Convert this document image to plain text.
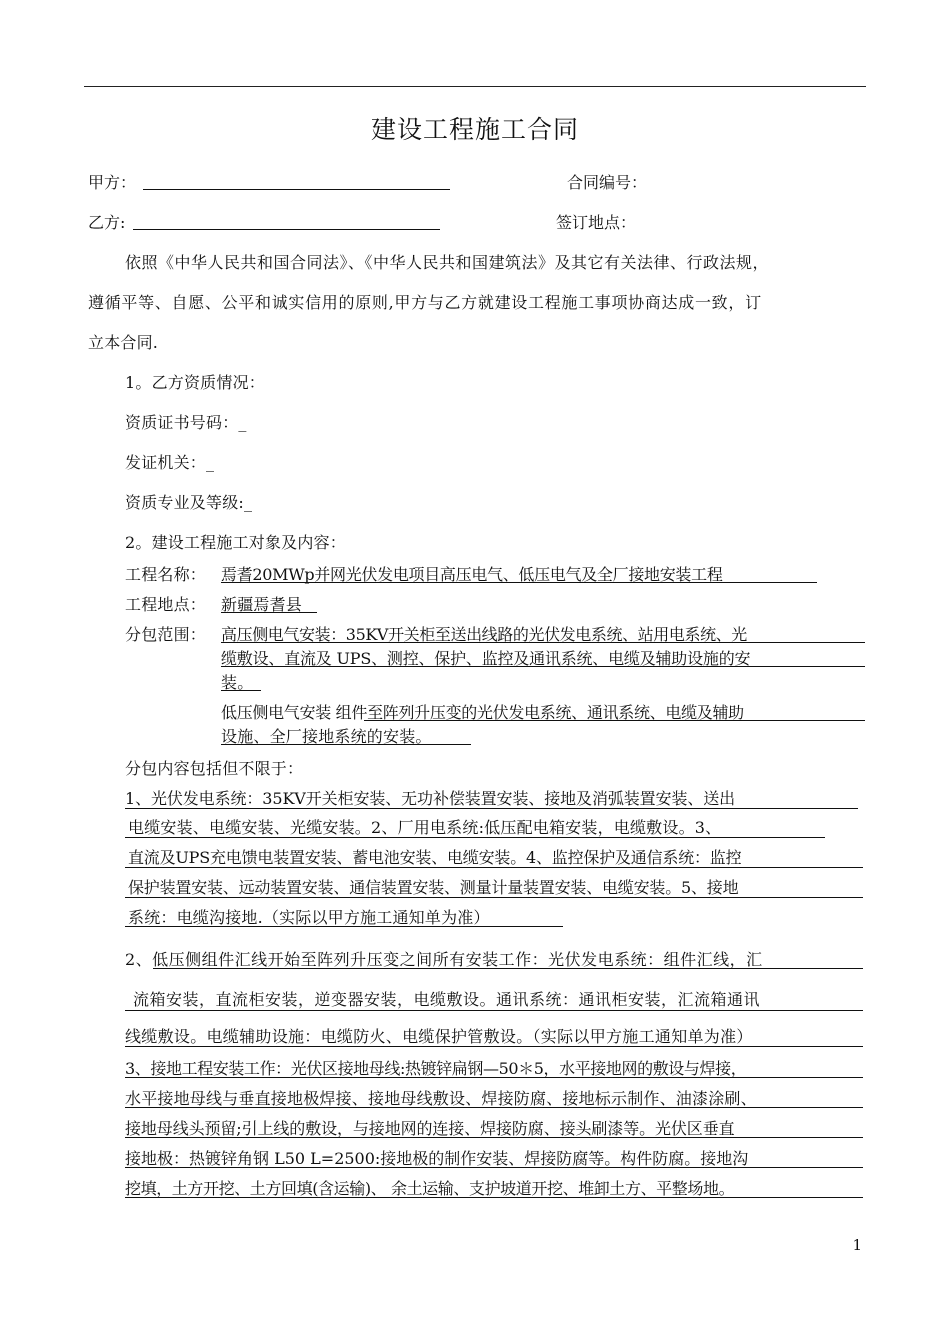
建设工程施工合同
甲方：	合同编号：
乙方:	签订地点：
依照《中华人民共和国合同法》、《中华人民共和国建筑法》及其它有关法律、行政法规，
遵循平等、自愿、公平和诚实信用的原则,甲方与乙方就建设工程施工事项协商达成一致，订
立本合同.
1。乙方资质情况：
资质证书号码：_
发证机关：_
资质专业及等级:_
2。建设工程施工对象及内容：
工程名称： 焉耆20MWp并网光伏发电项目高压电气、低压电气及全厂接地安装工程
工程地点： 新疆焉耆县
分包范围： 高压侧电气安装：35KV开关柜至送出线路的光伏发电系统、站用电系统、光
缆敷设、直流及 UPS、测控、保护、监控及通讯系统、电缆及辅助设施的安
装。
低压侧电气安装 组件至阵列升压变的光伏发电系统、通讯系统、电缆及辅助
设施、全厂接地系统的安装。
分包内容包括但不限于：
1、光伏发电系统：35KV开关柜安装、无功补偿装置安装、接地及消弧装置安装、送出
电缆安装、电缆安装、光缆安装。2、厂用电系统:低压配电箱安装，电缆敷设。3、
直流及UPS充电馈电装置安装、蓄电池安装、电缆安装。4、监控保护及通信系统：监控
保护装置安装、远动装置安装、通信装置安装、测量计量装置安装、电缆安装。5、接地
系统：电缆沟接地.（实际以甲方施工通知单为准）
2、低压侧组件汇线开始至阵列升压变之间所有安装工作：光伏发电系统：组件汇线，汇
流箱安装，直流柜安装，逆变器安装，电缆敷设。通讯系统：通讯柜安装，汇流箱通讯
线缆敷设。电缆辅助设施：电缆防火、电缆保护管敷设。（实际以甲方施工通知单为准）
3、接地工程安装工作：光伏区接地母线:热镀锌扁钢—50＊5，水平接地网的敷设与焊接，
水平接地母线与垂直接地极焊接、接地母线敷设、焊接防腐、接地标示制作、油漆涂刷、
接地母线头预留;引上线的敷设，与接地网的连接、焊接防腐、接头刷漆等。光伏区垂直
接地极：热镀锌角钢 L50 L=2500:接地极的制作安装、焊接防腐等。构件防腐。接地沟
挖填，土方开挖、土方回填(含运输)、 余土运输、支护坡道开挖、堆卸土方、平整场地。
1
